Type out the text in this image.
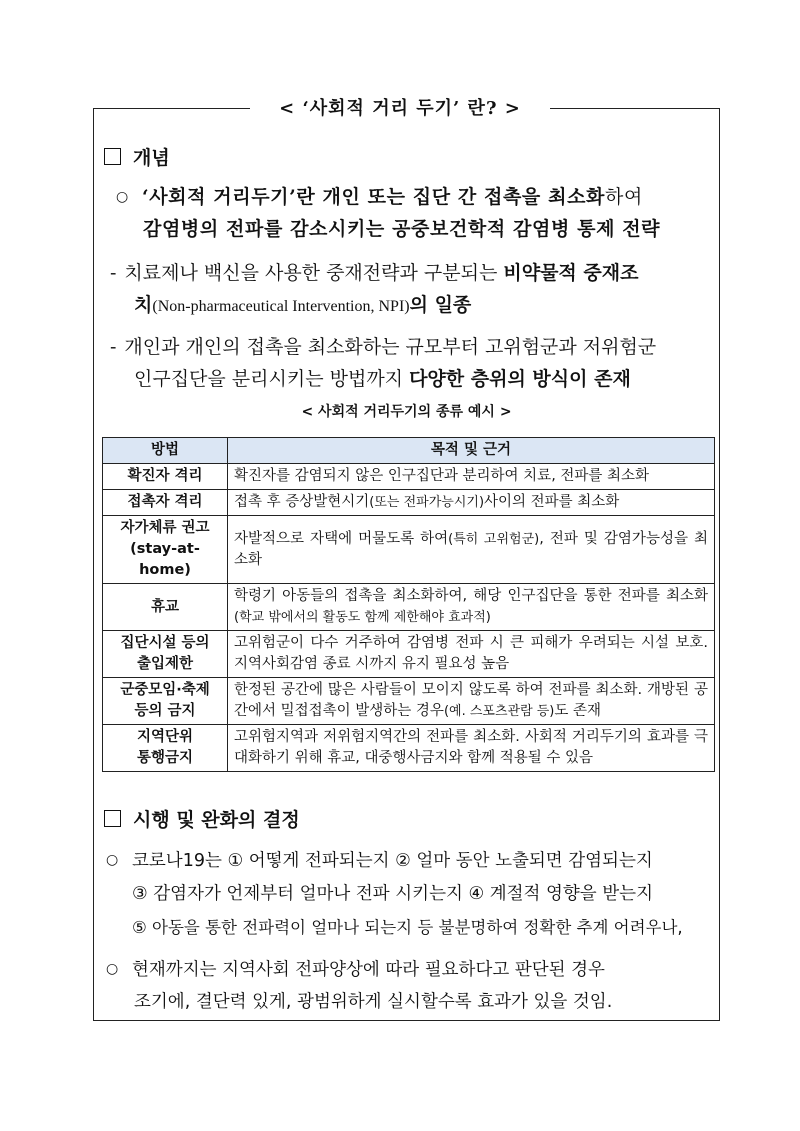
< ‘사회적 거리 두기’ 란? >
개념
○ ‘사회적 거리두기’란 개인 또는 집단 간 접촉을 최소화하여
감염병의 전파를 감소시키는 공중보건학적 감염병 통제 전략
- 치료제나 백신을 사용한 중재전략과 구분되는 비약물적 중재조
치(Non-pharmaceutical Intervention, NPI)의 일종
- 개인과 개인의 접촉을 최소화하는 규모부터 고위험군과 저위험군
인구집단을 분리시키는 방법까지 다양한 층위의 방식이 존재
< 사회적 거리두기의 종류 예시 >
방법	목적 및 근거
확진자 격리	확진자를 감염되지 않은 인구집단과 분리하여 치료, 전파를 최소화
접촉자 격리	접촉 후 증상발현시기(또는 전파가능시기)사이의 전파를 최소화
자가체류 권고
(stay-at-home)	자발적으로 자택에 머물도록 하여(특히 고위험군), 전파 및 감염가능성을 최소화
휴교	학령기 아동들의 접촉을 최소화하여, 해당 인구집단을 통한 전파를 최소화 (학교 밖에서의 활동도 함께 제한해야 효과적)
집단시설 등의
출입제한	고위험군이 다수 거주하여 감염병 전파 시 큰 피해가 우려되는 시설 보호. 지역사회감염 종료 시까지 유지 필요성 높음
군중모임·축제
등의 금지	한정된 공간에 많은 사람들이 모이지 않도록 하여 전파를 최소화. 개방된 공간에서 밀접접촉이 발생하는 경우(예. 스포츠관람 등)도 존재
지역단위
통행금지	고위험지역과 저위험지역간의 전파를 최소화. 사회적 거리두기의 효과를 극대화하기 위해 휴교, 대중행사금지와 함께 적용될 수 있음
시행 및 완화의 결정
○ 코로나19는 ① 어떻게 전파되는지 ② 얼마 동안 노출되면 감염되는지
③ 감염자가 언제부터 얼마나 전파 시키는지 ④ 계절적 영향을 받는지
⑤ 아동을 통한 전파력이 얼마나 되는지 등 불분명하여 정확한 추계 어려우나,
○ 현재까지는 지역사회 전파양상에 따라 필요하다고 판단된 경우
조기에, 결단력 있게, 광범위하게 실시할수록 효과가 있을 것임.
